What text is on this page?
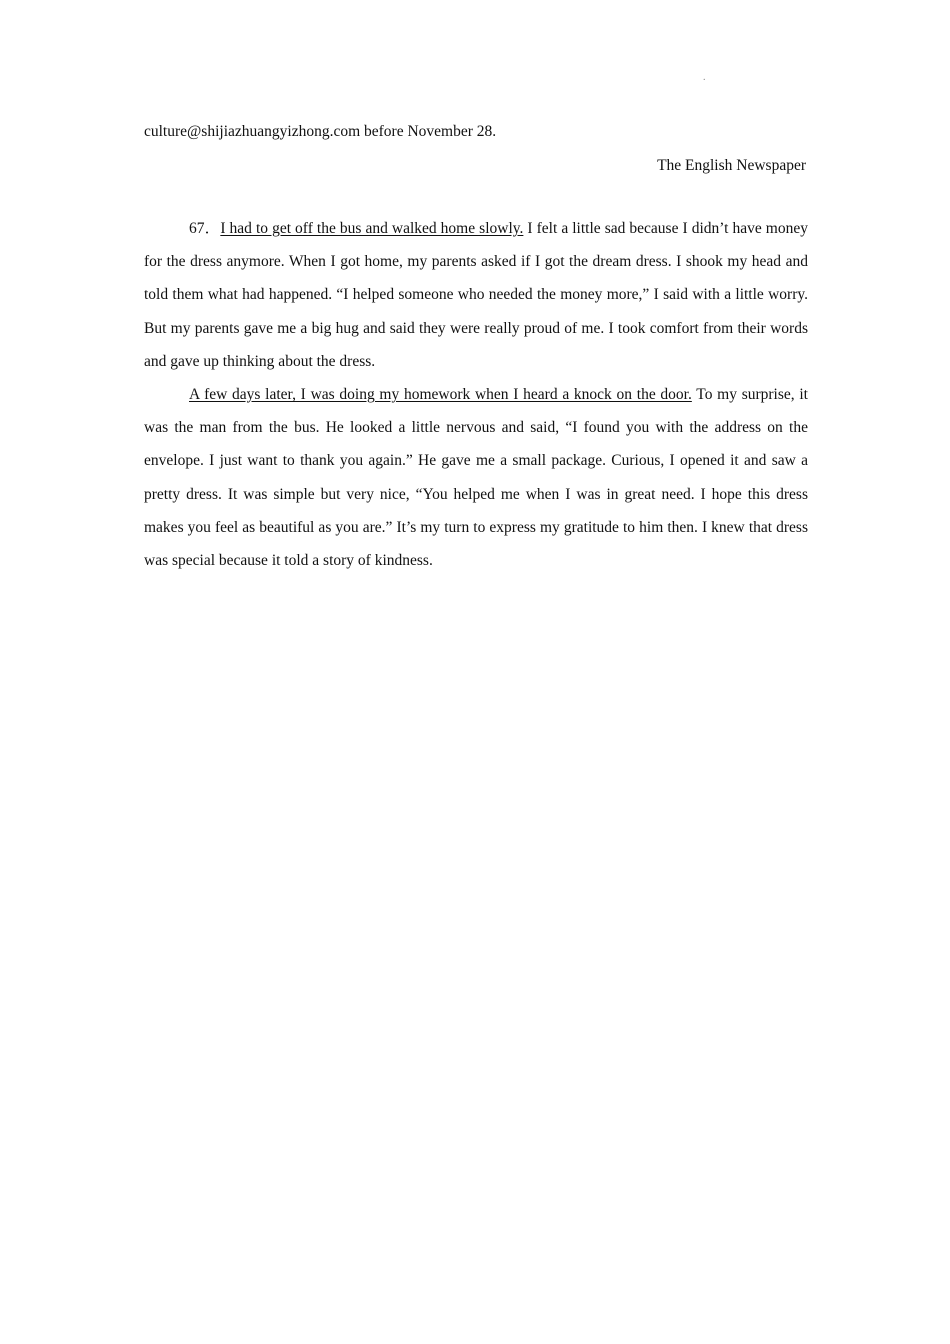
.
culture@shijiazhuangyizhong.com before November 28.
The English Newspaper

67．I had to get off the bus and walked home slowly. I felt a little sad because I didn’t have money for the dress anymore. When I got home, my parents asked if I got the dream dress. I shook my head and told them what had happened. “I helped someone who needed the money more,” I said with a little worry. But my parents gave me a big hug and said they were really proud of me. I took comfort from their words and gave up thinking about the dress.

A few days later, I was doing my homework when I heard a knock on the door. To my surprise, it was the man from the bus. He looked a little nervous and said, “I found you with the address on the envelope. I just want to thank you again.” He gave me a small package. Curious, I opened it and saw a pretty dress. It was simple but very nice, “You helped me when I was in great need. I hope this dress makes you feel as beautiful as you are.” It’s my turn to express my gratitude to him then. I knew that dress was special because it told a story of kindness.
